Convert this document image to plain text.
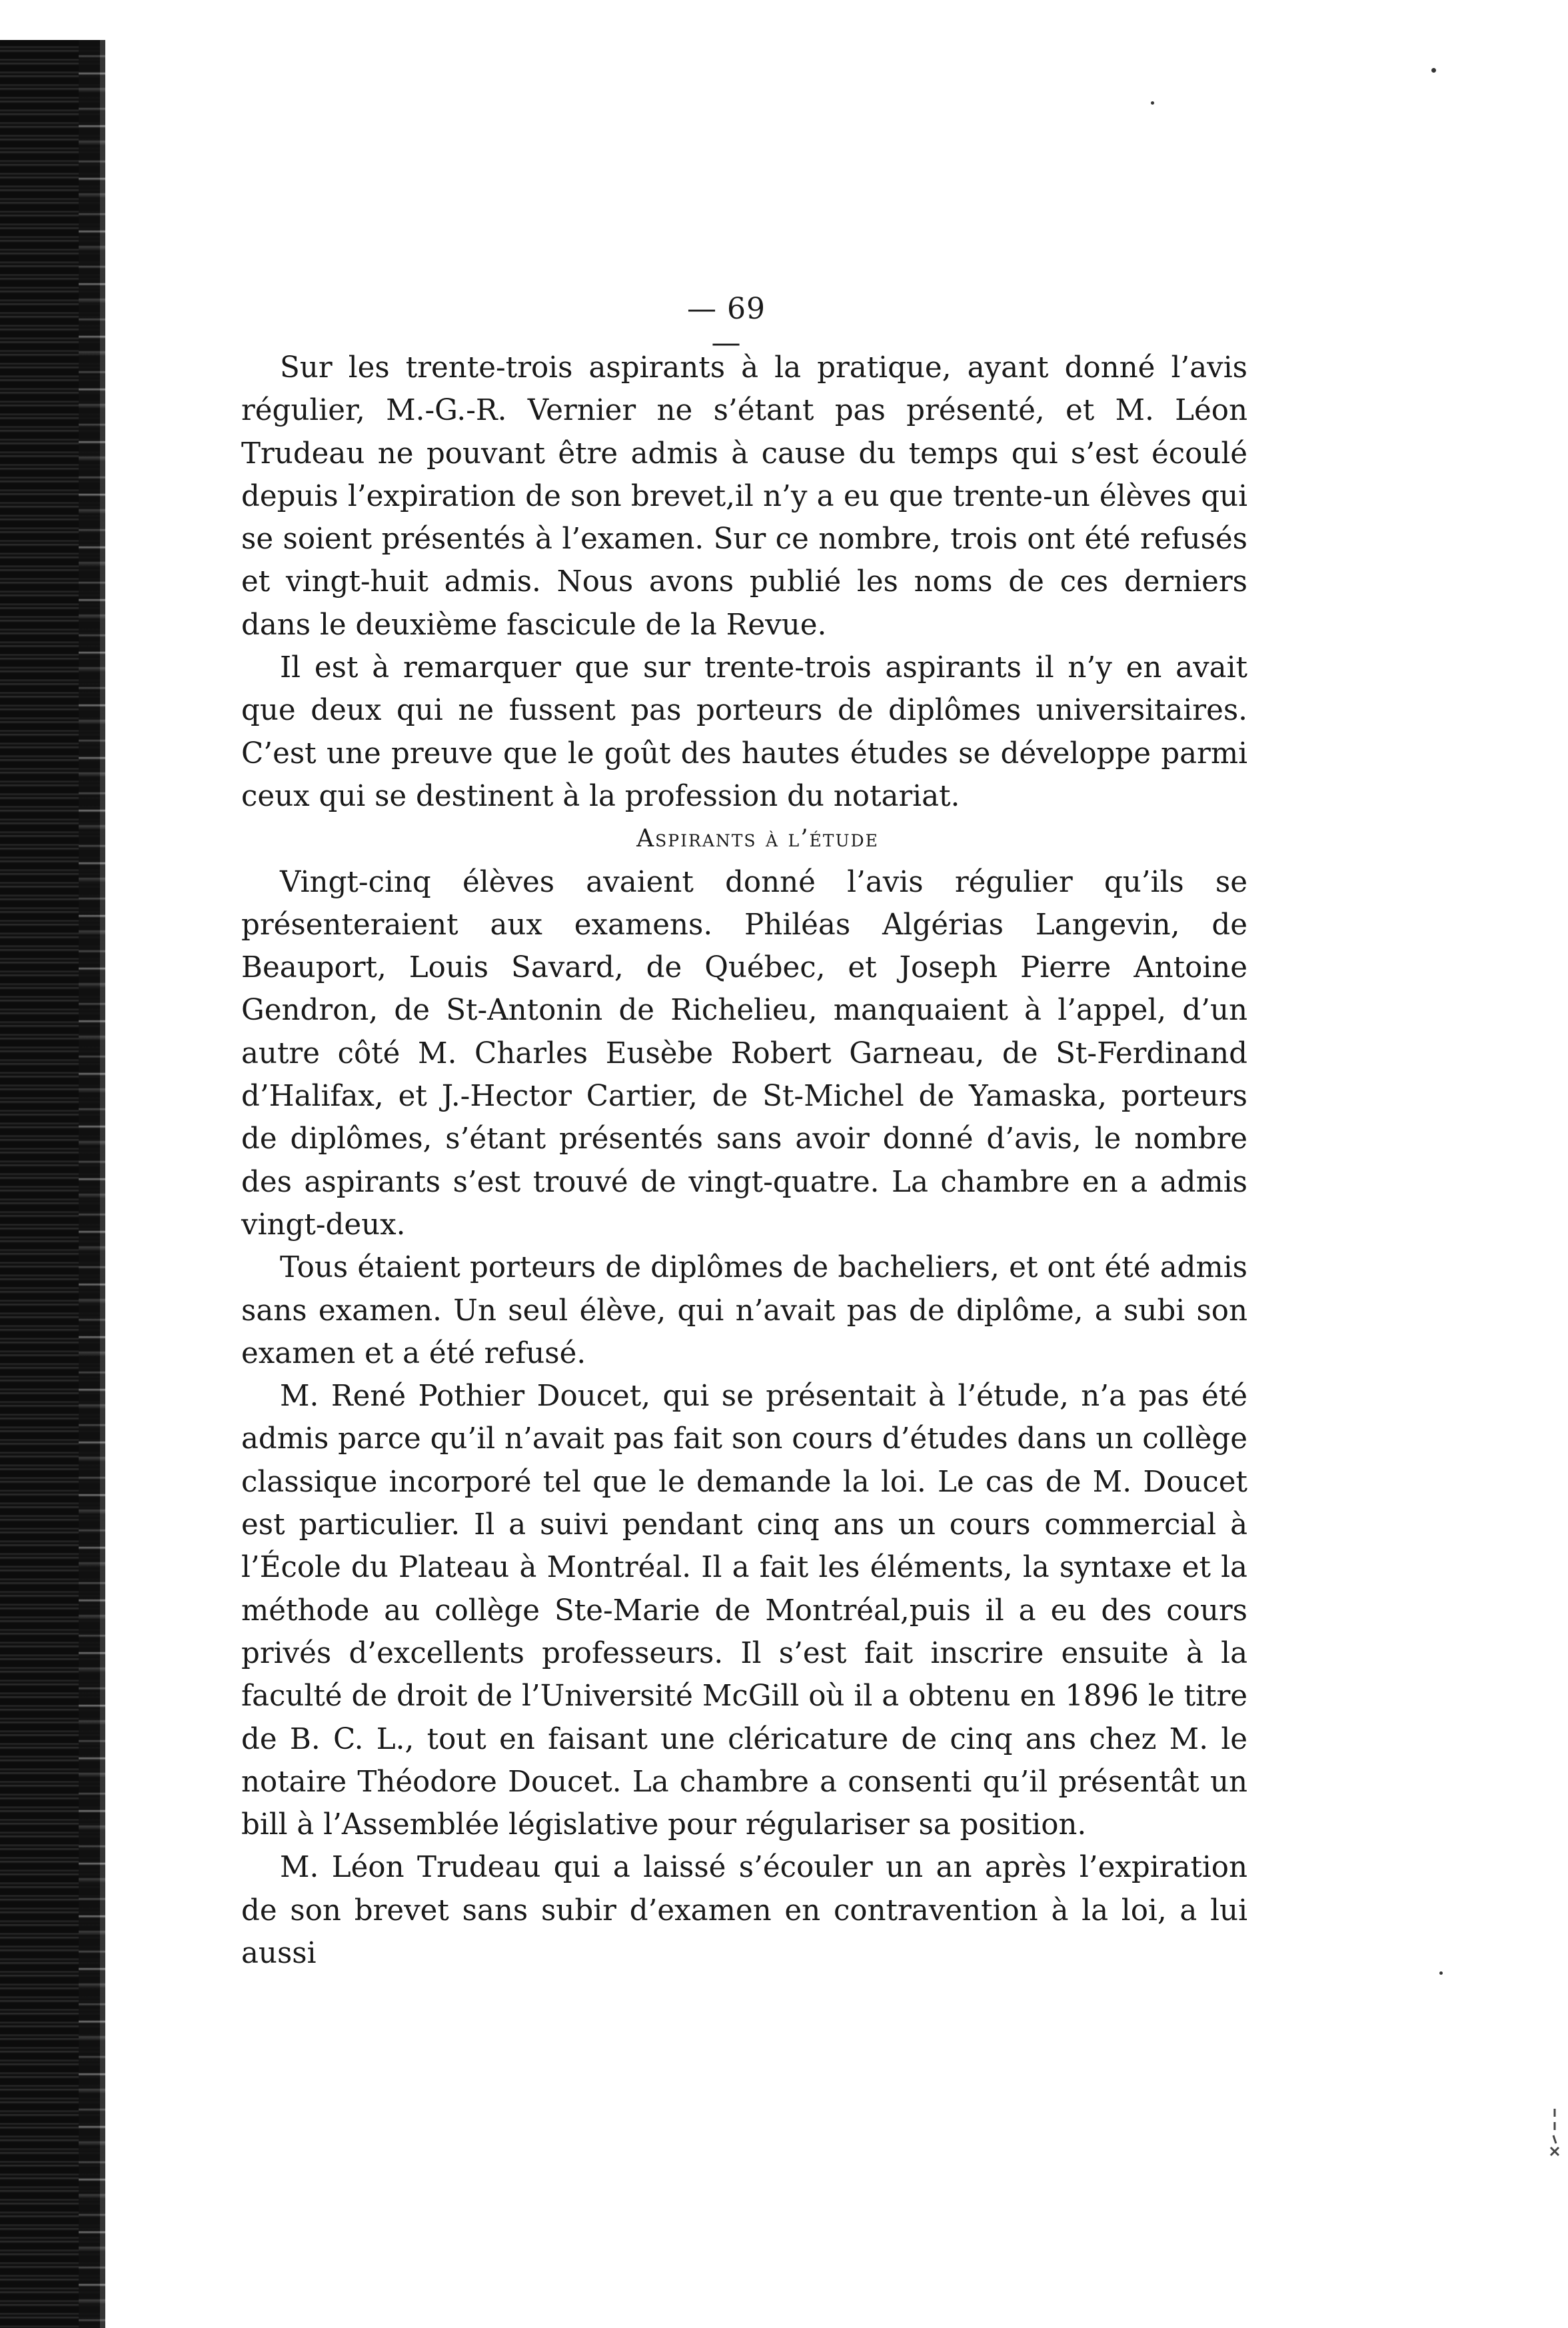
— 69 —

Sur les trente-trois aspirants à la pratique, ayant donné l’avis régulier, M.-G.-R. Vernier ne s’étant pas présenté, et M. Léon Trudeau ne pouvant être admis à cause du temps qui s’est écoulé depuis l’expiration de son brevet,il n’y a eu que trente-un élèves qui se soient présentés à l’examen. Sur ce nombre, trois ont été refusés et vingt-huit admis. Nous avons publié les noms de ces derniers dans le deuxième fascicule de la Revue.

Il est à remarquer que sur trente-trois aspirants il n’y en avait que deux qui ne fussent pas porteurs de diplômes universitaires. C’est une preuve que le goût des hautes études se développe parmi ceux qui se destinent à la profession du notariat.

Aspirants à l’étude

Vingt-cinq élèves avaient donné l’avis régulier qu’ils se présenteraient aux examens. Philéas Algérias Langevin, de Beauport, Louis Savard, de Québec, et Joseph Pierre Antoine Gendron, de St-Antonin de Richelieu, manquaient à l’appel, d’un autre côté M. Charles Eusèbe Robert Garneau, de St-Ferdinand d’Halifax, et J.-Hector Cartier, de St-Michel de Yamaska, porteurs de diplômes, s’étant présentés sans avoir donné d’avis, le nombre des aspirants s’est trouvé de vingt-quatre. La chambre en a admis vingt-deux.

Tous étaient porteurs de diplômes de bacheliers, et ont été admis sans examen. Un seul élève, qui n’avait pas de diplôme, a subi son examen et a été refusé.

M. René Pothier Doucet, qui se présentait à l’étude, n’a pas été admis parce qu’il n’avait pas fait son cours d’études dans un collège classique incorporé tel que le demande la loi. Le cas de M. Doucet est particulier. Il a suivi pendant cinq ans un cours commercial à l’École du Plateau à Montréal. Il a fait les éléments, la syntaxe et la méthode au collège Ste-Marie de Montréal,puis il a eu des cours privés d’excellents professeurs. Il s’est fait inscrire ensuite à la faculté de droit de l’Université McGill où il a obtenu en 1896 le titre de B. C. L., tout en faisant une cléricature de cinq ans chez M. le notaire Théodore Doucet. La chambre a consenti qu’il présentât un bill à l’Assemblée législative pour régulariser sa position.

M. Léon Trudeau qui a laissé s’écouler un an après l’expiration de son brevet sans subir d’examen en contravention à la loi, a lui aussi
